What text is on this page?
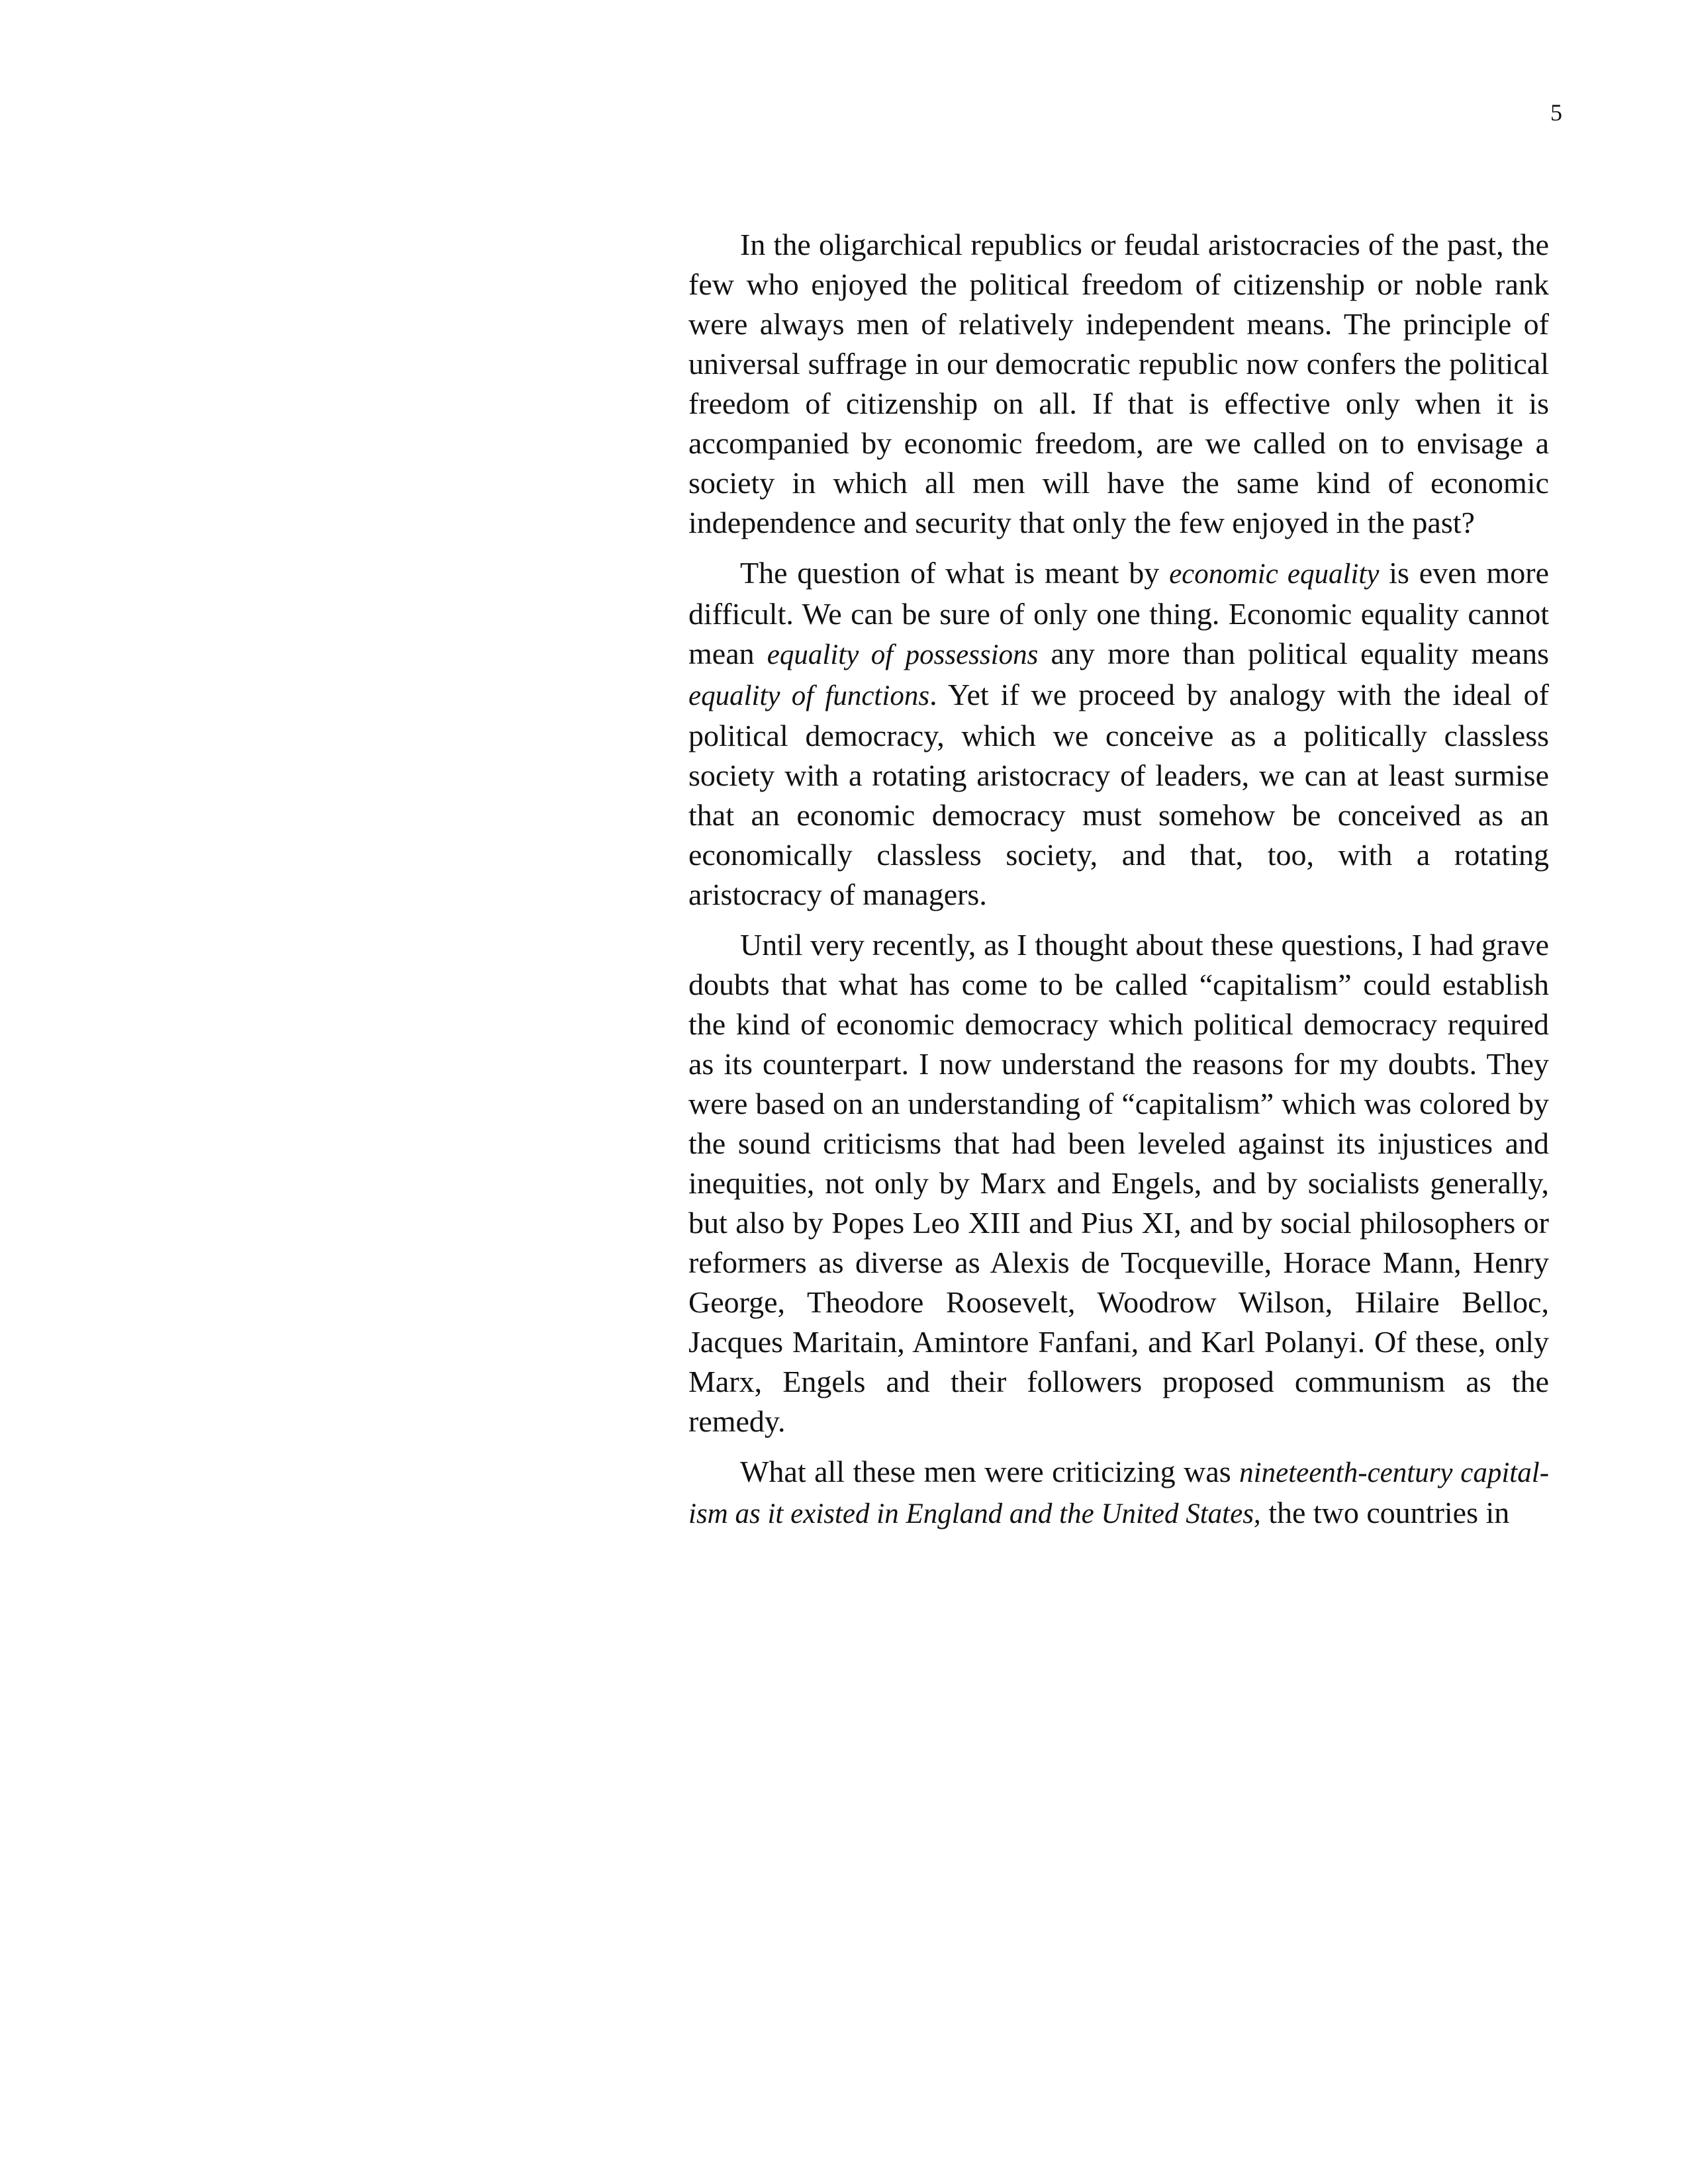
5

In the oligarchical republics or feudal aristocracies of the past, the few who enjoyed the political freedom of citizenship or noble rank were always men of relatively independent means. The principle of universal suffrage in our democratic republic now confers the political freedom of citizenship on all. If that is effective only when it is accompanied by economic freedom, are we called on to envisage a society in which all men will have the same kind of economic independence and security that only the few enjoyed in the past?

The question of what is meant by economic equality is even more difficult. We can be sure of only one thing. Economic equality cannot mean equality of possessions any more than political equality means equality of functions. Yet if we proceed by analogy with the ideal of political democracy, which we conceive as a politically classless society with a rotating aristocracy of leaders, we can at least surmise that an economic democracy must somehow be conceived as an economically classless society, and that, too, with a rotating aristocracy of managers.

Until very recently, as I thought about these questions, I had grave doubts that what has come to be called “capitalism” could establish the kind of economic democracy which political democracy required as its counterpart. I now understand the reasons for my doubts. They were based on an understanding of “capitalism” which was colored by the sound criticisms that had been leveled against its injustices and inequities, not only by Marx and Engels, and by socialists generally, but also by Popes Leo XIII and Pius XI, and by social philosophers or reformers as diverse as Alexis de Tocqueville, Horace Mann, Henry George, Theodore Roosevelt, Woodrow Wilson, Hilaire Belloc, Jacques Maritain, Amintore Fanfani, and Karl Polanyi. Of these, only Marx, Engels and their followers proposed communism as the remedy.

What all these men were criticizing was nineteenth-century capitalism as it existed in England and the United States, the two countries in
